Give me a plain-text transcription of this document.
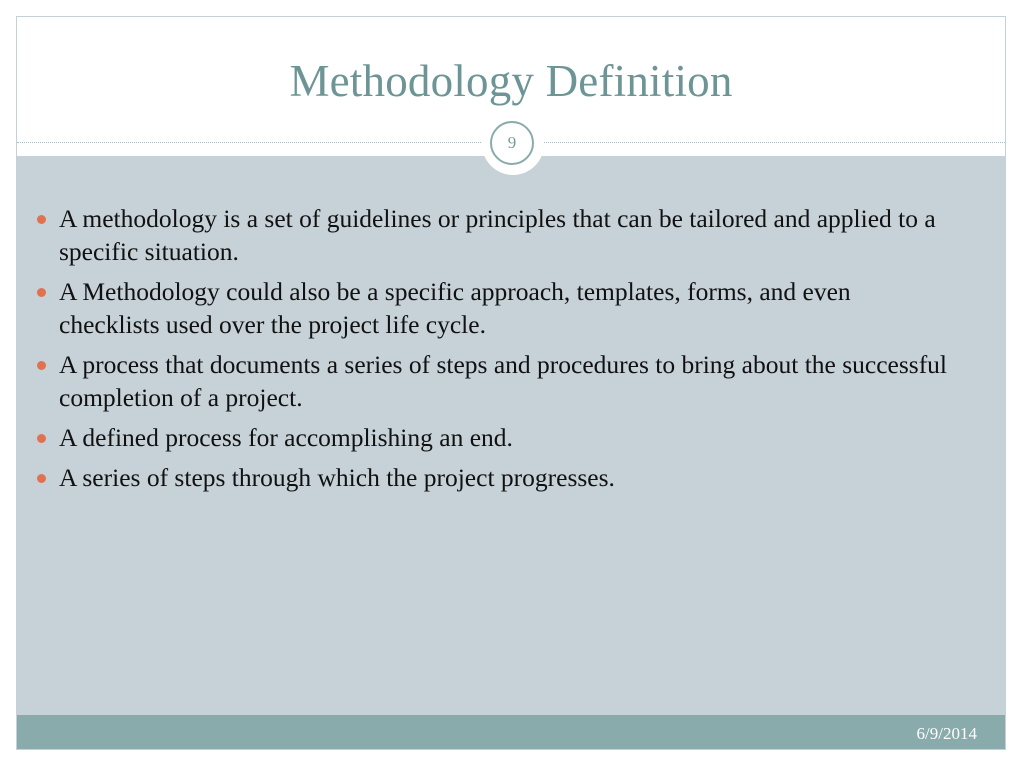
Methodology Definition
6/9/2014
9
A methodology is a set of guidelines or principles that can be tailored and applied to a specific situation.
A Methodology could also be a specific approach, templates, forms, and even checklists used over the project life cycle.
A process that documents a series of steps and procedures to bring about the successful completion of a project.
A defined process for accomplishing an end.
A series of steps through which the project progresses.
